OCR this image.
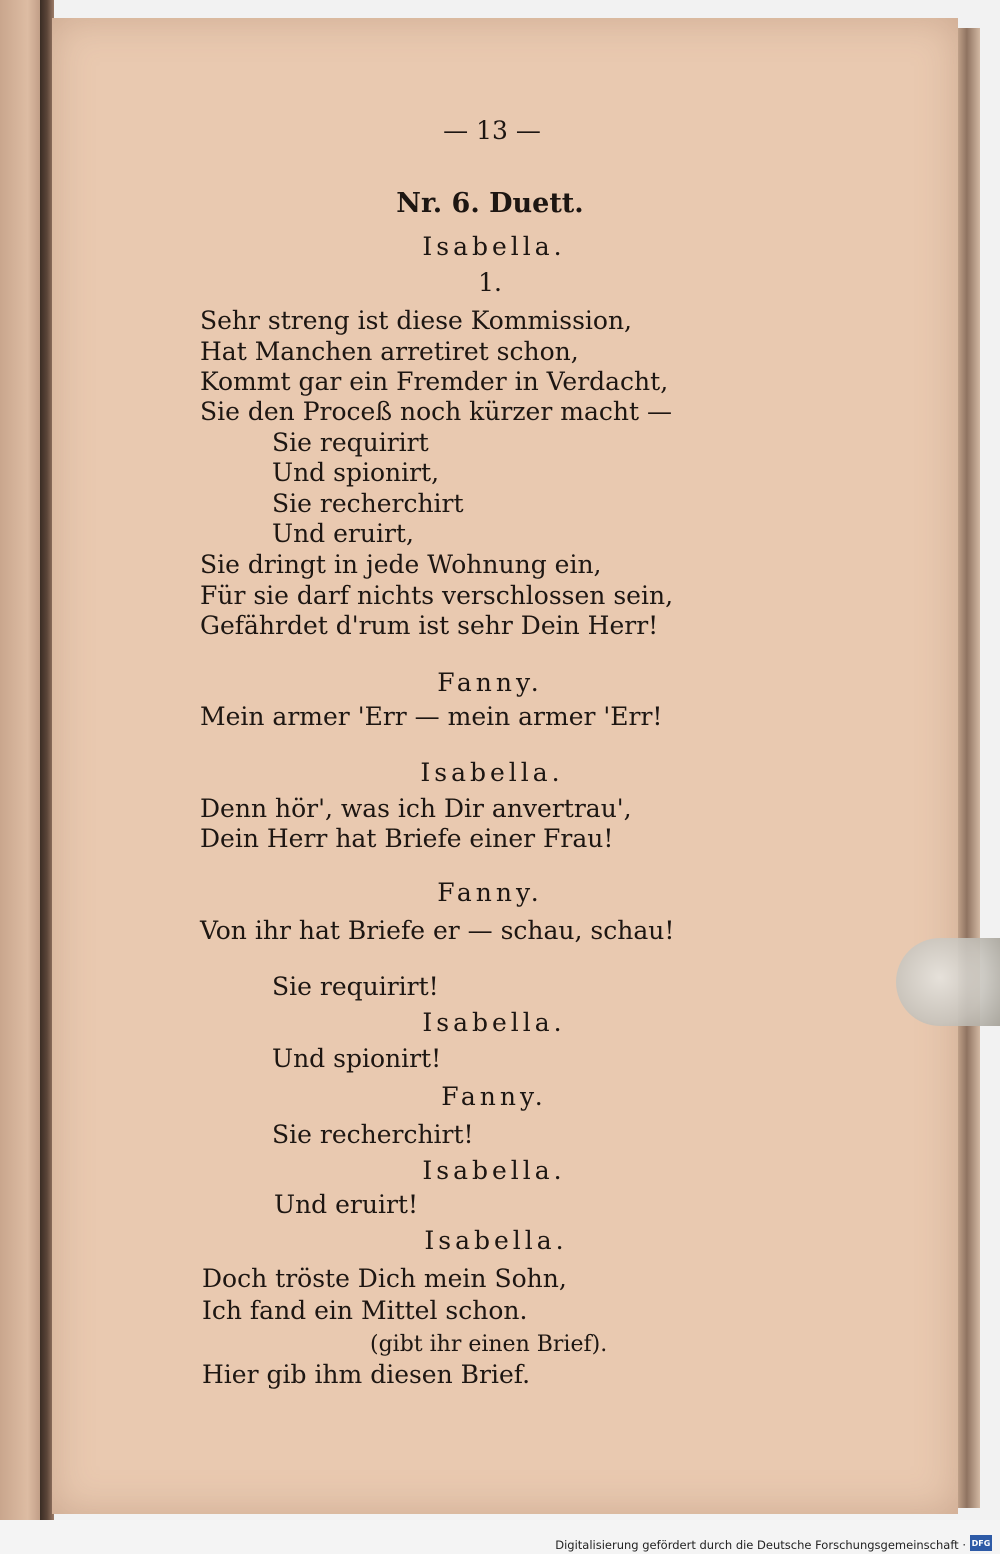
— 13 —
Nr. 6. Duett.
Isabella.
1.
Sehr streng ist diese Kommission,
Hat Manchen arretiret schon,
Kommt gar ein Fremder in Verdacht,
Sie den Proceß noch kürzer macht —
Sie requirirt
Und spionirt,
Sie recherchirt
Und eruirt,
Sie dringt in jede Wohnung ein,
Für sie darf nichts verschlossen sein,
Gefährdet d'rum ist sehr Dein Herr!
Fanny.
Mein armer 'Err — mein armer 'Err!
Isabella.
Denn hör', was ich Dir anvertrau',
Dein Herr hat Briefe einer Frau!
Fanny.
Von ihr hat Briefe er — schau, schau!
Sie requirirt!
Isabella.
Und spionirt!
Fanny.
Sie recherchirt!
Isabella.
Und eruirt!
Isabella.
Doch tröste Dich mein Sohn,
Ich fand ein Mittel schon.
(gibt ihr einen Brief).
Hier gib ihm diesen Brief.
Digitalisierung gefördert durch die Deutsche Forschungsgemeinschaft · DFG
